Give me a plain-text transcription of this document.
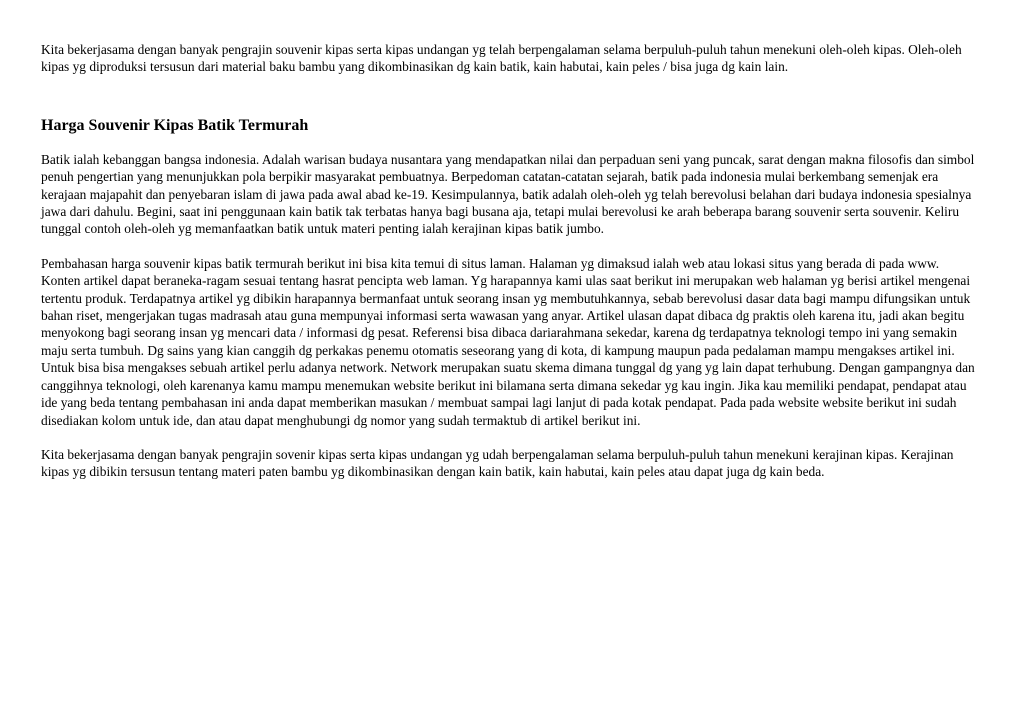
Kita bekerjasama dengan banyak pengrajin souvenir kipas serta kipas undangan yg telah berpengalaman selama berpuluh-puluh tahun menekuni oleh-oleh kipas. Oleh-oleh kipas yg diproduksi tersusun dari material baku bambu yang dikombinasikan dg kain batik, kain habutai, kain peles / bisa juga dg kain lain.

Harga Souvenir Kipas Batik Termurah

Batik ialah kebanggan bangsa indonesia. Adalah warisan budaya nusantara yang mendapatkan nilai dan perpaduan seni yang puncak, sarat dengan makna filosofis dan simbol penuh pengertian yang menunjukkan pola berpikir masyarakat pembuatnya. Berpedoman catatan-catatan sejarah, batik pada indonesia mulai berkembang semenjak era kerajaan majapahit dan penyebaran islam di jawa pada awal abad ke-19. Kesimpulannya, batik adalah oleh-oleh yg telah berevolusi belahan dari budaya indonesia spesialnya jawa dari dahulu. Begini, saat ini penggunaan kain batik tak terbatas hanya bagi busana aja, tetapi mulai berevolusi ke arah beberapa barang souvenir serta souvenir. Keliru tunggal contoh oleh-oleh yg memanfaatkan batik untuk materi penting ialah kerajinan kipas batik jumbo.

Pembahasan harga souvenir kipas batik termurah berikut ini bisa kita temui di situs laman. Halaman yg dimaksud ialah web atau lokasi situs yang berada di pada www. Konten artikel dapat beraneka-ragam sesuai tentang hasrat pencipta web laman. Yg harapannya kami ulas saat berikut ini merupakan web halaman yg berisi artikel mengenai tertentu produk. Terdapatnya artikel yg dibikin harapannya bermanfaat untuk seorang insan yg membutuhkannya, sebab berevolusi dasar data bagi mampu difungsikan untuk bahan riset, mengerjakan tugas madrasah atau guna mempunyai informasi serta wawasan yang anyar. Artikel ulasan dapat dibaca dg praktis oleh karena itu, jadi akan begitu menyokong bagi seorang insan yg mencari data / informasi dg pesat. Referensi bisa dibaca dariarahmana sekedar, karena dg terdapatnya teknologi tempo ini yang semakin maju serta tumbuh. Dg sains yang kian canggih dg perkakas penemu otomatis seseorang yang di kota, di kampung maupun pada pedalaman mampu mengakses artikel ini. Untuk bisa bisa mengakses sebuah artikel perlu adanya network. Network merupakan suatu skema dimana tunggal dg yang yg lain dapat terhubung. Dengan gampangnya dan canggihnya teknologi, oleh karenanya kamu mampu menemukan website berikut ini bilamana serta dimana sekedar yg kau ingin. Jika kau memiliki pendapat, pendapat atau ide yang beda tentang pembahasan ini anda dapat memberikan masukan / membuat sampai lagi lanjut di pada kotak pendapat. Pada pada website website berikut ini sudah disediakan kolom untuk ide, dan atau dapat menghubungi dg nomor yang sudah termaktub di artikel berikut ini.

Kita bekerjasama dengan banyak pengrajin sovenir kipas serta kipas undangan yg udah berpengalaman selama berpuluh-puluh tahun menekuni kerajinan kipas. Kerajinan kipas yg dibikin tersusun tentang materi paten bambu yg dikombinasikan dengan kain batik, kain habutai, kain peles atau dapat juga dg kain beda.
